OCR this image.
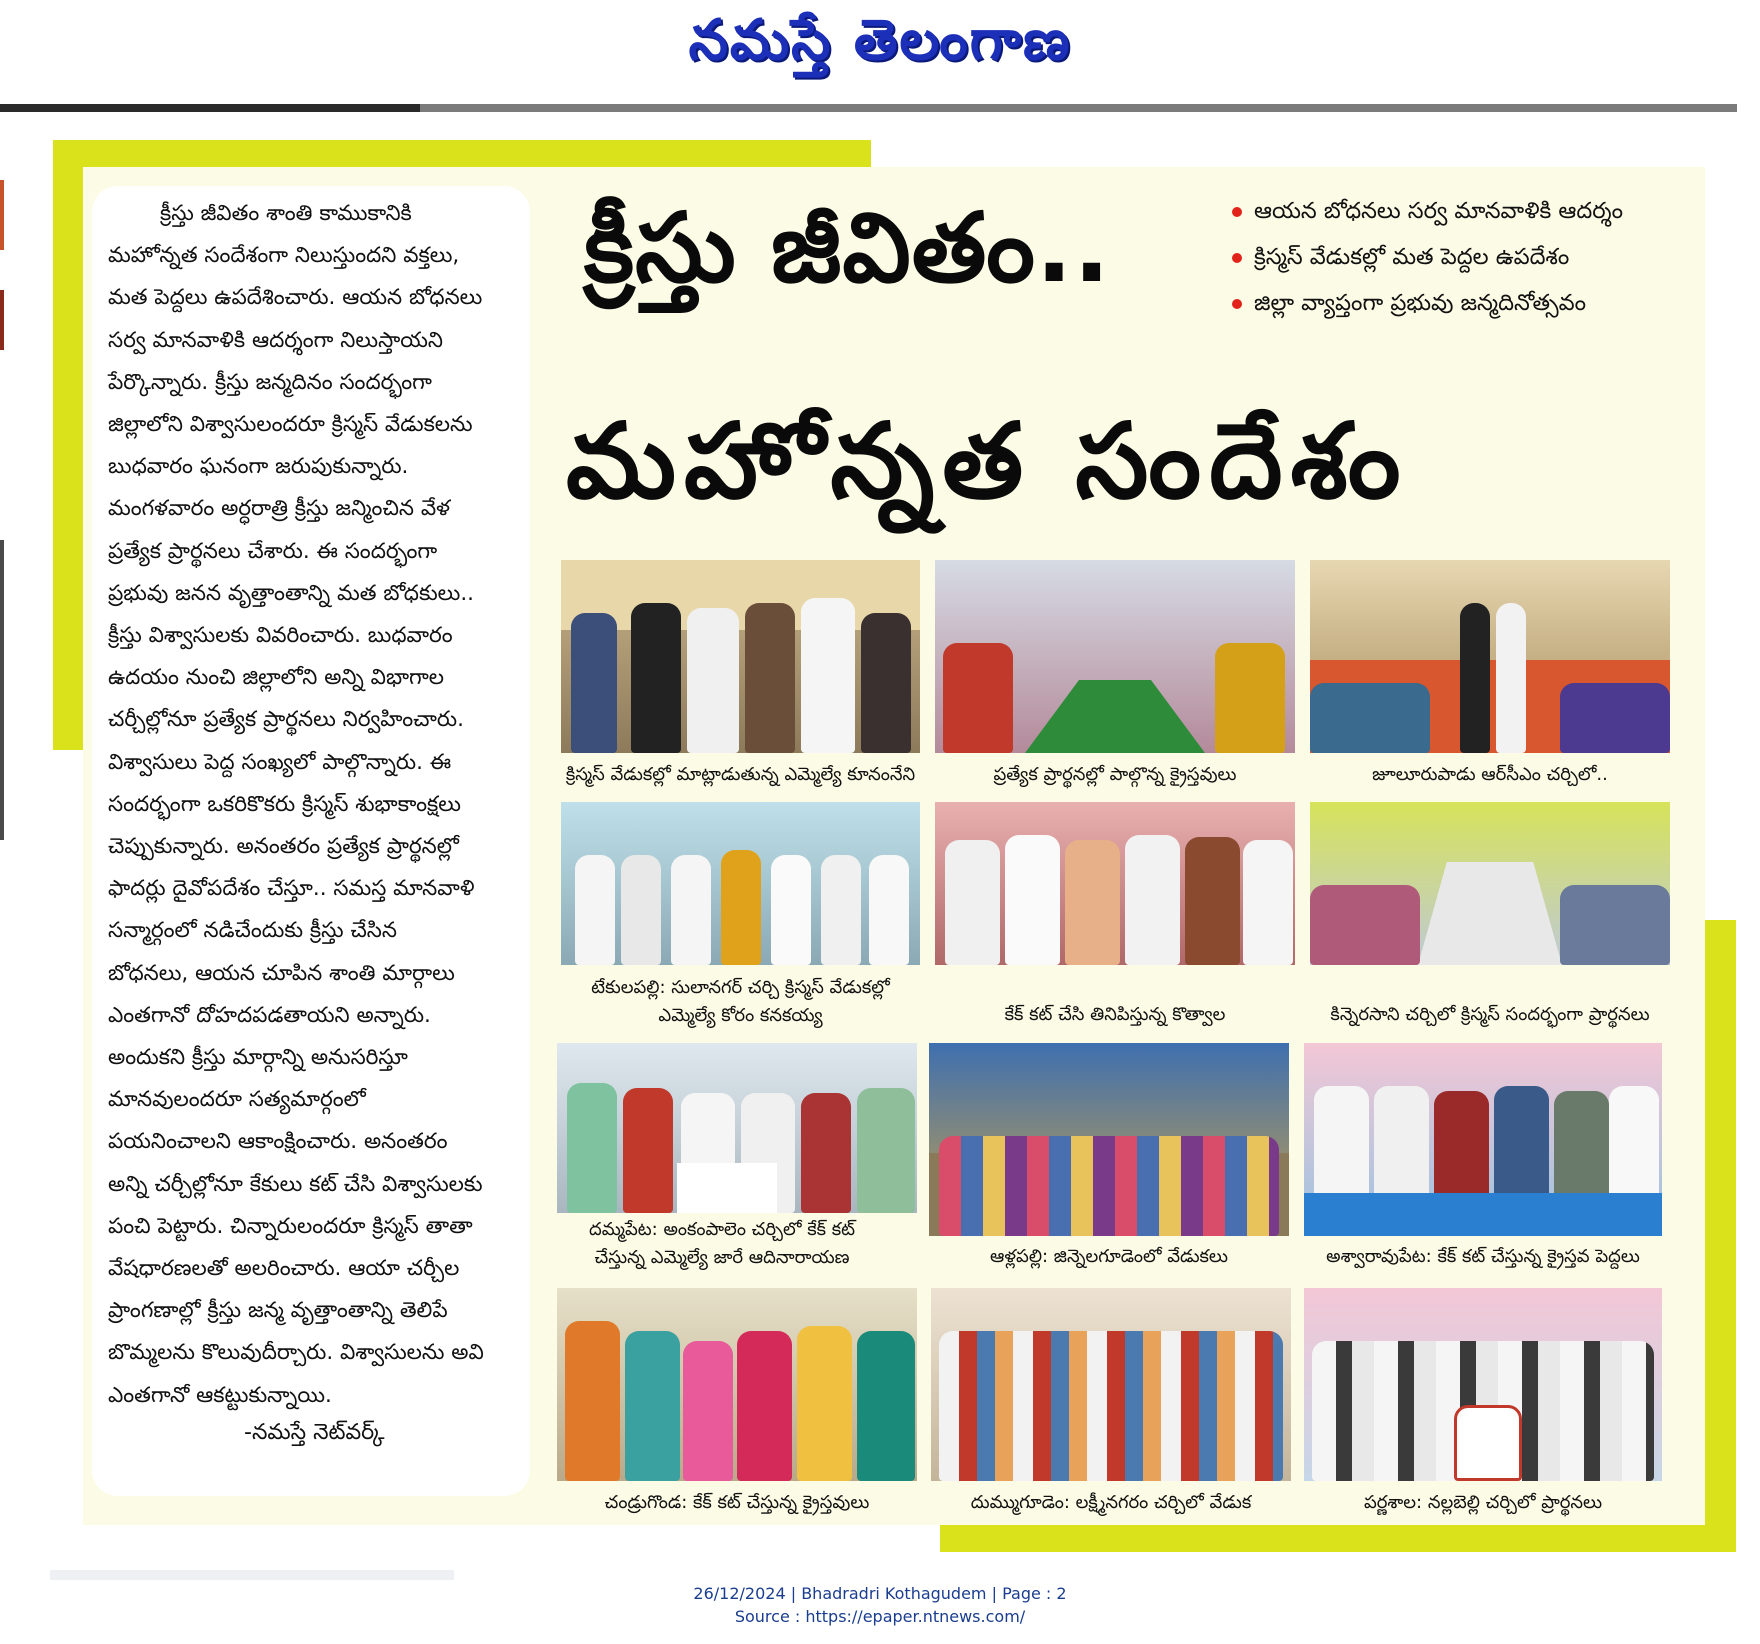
నమస్తే తెలంగాణ
క్రీస్తు జీవితం శాంతి కాముకానికి
మహోన్నత సందేశంగా నిలుస్తుందని వక్తలు,
మత పెద్దలు ఉపదేశించారు. ఆయన బోధనలు
సర్వ మానవాళికి ఆదర్శంగా నిలుస్తాయని
పేర్కొన్నారు. క్రీస్తు జన్మదినం సందర్భంగా
జిల్లాలోని విశ్వాసులందరూ క్రిస్మస్ వేడుకలను
బుధవారం ఘనంగా జరుపుకున్నారు.
మంగళవారం అర్ధరాత్రి క్రీస్తు జన్మించిన వేళ
ప్రత్యేక ప్రార్థనలు చేశారు. ఈ సందర్భంగా
ప్రభువు జనన వృత్తాంతాన్ని మత బోధకులు..
క్రీస్తు విశ్వాసులకు వివరించారు. బుధవారం
ఉదయం నుంచి జిల్లాలోని అన్ని విభాగాల
చర్చీల్లోనూ ప్రత్యేక ప్రార్థనలు నిర్వహించారు.
విశ్వాసులు పెద్ద సంఖ్యలో పాల్గొన్నారు. ఈ
సందర్భంగా ఒకరికొకరు క్రిస్మస్ శుభాకాంక్షలు
చెప్పుకున్నారు. అనంతరం ప్రత్యేక ప్రార్థనల్లో
ఫాదర్లు దైవోపదేశం చేస్తూ.. సమస్త మానవాళి
సన్మార్గంలో నడిచేందుకు క్రీస్తు చేసిన
బోధనలు, ఆయన చూపిన శాంతి మార్గాలు
ఎంతగానో దోహదపడతాయని అన్నారు.
అందుకని క్రీస్తు మార్గాన్ని అనుసరిస్తూ
మానవులందరూ సత్యమార్గంలో
పయనించాలని ఆకాంక్షించారు. అనంతరం
అన్ని చర్చీల్లోనూ కేకులు కట్ చేసి విశ్వాసులకు
పంచి పెట్టారు. చిన్నారులందరూ క్రిస్మస్ తాతా
వేషధారణలతో అలరించారు. ఆయా చర్చీల
ప్రాంగణాల్లో క్రీస్తు జన్మ వృత్తాంతాన్ని తెలిపే
బొమ్మలను కొలువుదీర్చారు. విశ్వాసులను అవి
ఎంతగానో ఆకట్టుకున్నాయి.
-నమస్తే నెట్‌వర్క్
క్రీస్తు జీవితం..
మహోన్నత సందేశం
ఆయన బోధనలు సర్వ మానవాళికి ఆదర్శం
క్రిస్మస్ వేడుకల్లో మత పెద్దల ఉపదేశం
జిల్లా వ్యాప్తంగా ప్రభువు జన్మదినోత్సవం
క్రిస్మస్ వేడుకల్లో మాట్లాడుతున్న ఎమ్మెల్యే కూనంనేని	ప్రత్యేక ప్రార్థనల్లో పాల్గొన్న క్రైస్తవులు	జూలూరుపాడు ఆర్‌సీఎం చర్చిలో..
టేకులపల్లి: సులానగర్ చర్చి క్రిస్మస్ వేడుకల్లో
ఎమ్మెల్యే కోరం కనకయ్య	కేక్ కట్ చేసి తినిపిస్తున్న కొత్వాల	కిన్నెరసాని చర్చిలో క్రిస్మస్ సందర్భంగా ప్రార్థనలు
దమ్మపేట: అంకంపాలెం చర్చిలో కేక్ కట్
చేస్తున్న ఎమ్మెల్యే జారే ఆదినారాయణ	ఆళ్లపల్లి: జిన్నెలగూడెంలో వేడుకలు	అశ్వారావుపేట: కేక్ కట్ చేస్తున్న క్రైస్తవ పెద్దలు
చండ్రుగొండ: కేక్ కట్ చేస్తున్న క్రైస్తవులు	దుమ్ముగూడెం: లక్ష్మీనగరం చర్చిలో వేడుక	పర్ణశాల: నల్లబెల్లి చర్చిలో ప్రార్థనలు
26/12/2024 | Bhadradri Kothagudem | Page : 2
Source : https://epaper.ntnews.com/
